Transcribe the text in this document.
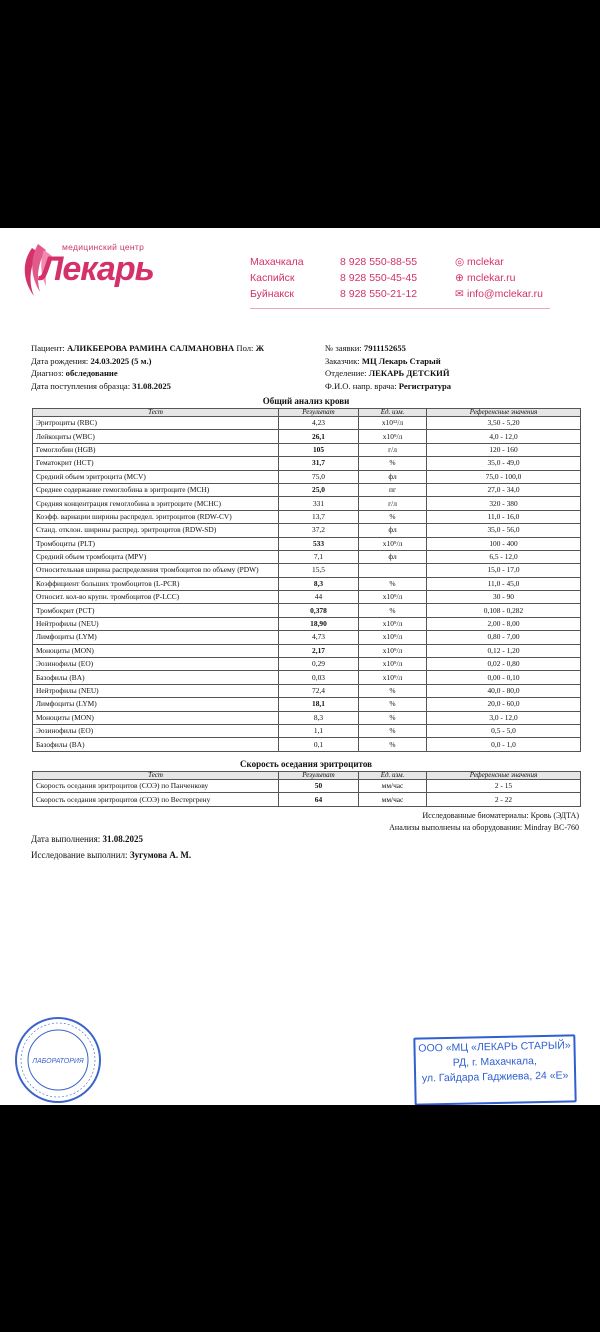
медицинский центр
Лекарь	Махачкала	8 928 550-88-55	◎ mclekar
Каспийск	8 928 550-45-45	⊕ mclekar.ru
Буйнакск	8 928 550-21-12	✉ info@mclekar.ru
Пациент: АЛИКБЕРОВА РАМИНА САЛМАНОВНА Пол: Ж
Дата рождения: 24.03.2025 (5 м.)
Диагноз: обследование
Дата поступления образца: 31.08.2025
№ заявки: 7911152655
Заказчик: МЦ Лекарь Старый
Отделение: ЛЕКАРЬ ДЕТСКИЙ
Ф.И.О. напр. врача: Регистратура
Общий анализ крови
Тест	Результат	Ед. изм.	Референсные значения
Эритроциты (RBC)	4,23	x10¹²/л	3,50 - 5,20
Лейкоциты (WBC)	26,1	x10⁹/л	4,0 - 12,0
Гемоглобин (HGB)	105	г/л	120 - 160
Гематокрит (HCT)	31,7	%	35,0 - 49,0
Средний объем эритроцита (MCV)	75,0	фл	75,0 - 100,0
Среднее содержание гемоглобина в эритроците (MCH)	25,0	пг	27,0 - 34,0
Средняя концентрация гемоглобина в эритроците (MCHC)	331	г/л	320 - 380
Коэфф. вариации ширины распредел. эритроцитов (RDW-CV)	13,7	%	11,0 - 16,0
Станд. отклон. ширины распред. эритроцитов (RDW-SD)	37,2	фл	35,0 - 56,0
Тромбоциты (PLT)	533	x10⁹/л	100 - 400
Средний объем тромбоцита (MPV)	7,1	фл	6,5 - 12,0
Относительная ширина распределения тромбоцитов по объему (PDW)	15,5		15,0 - 17,0
Коэффициент больших тромбоцитов (L-PCR)	8,3	%	11,0 - 45,0
Относит. кол-во крупн. тромбоцитов (P-LCC)	44	x10⁹/л	30 - 90
Тромбокрит (PCT)	0,378	%	0,108 - 0,282
Нейтрофилы (NEU)	18,90	x10⁹/л	2,00 - 8,00
Лимфоциты (LYM)	4,73	x10⁹/л	0,80 - 7,00
Моноциты (MON)	2,17	x10⁹/л	0,12 - 1,20
Эозинофилы (EO)	0,29	x10⁹/л	0,02 - 0,80
Базофилы (BA)	0,03	x10⁹/л	0,00 - 0,10
Нейтрофилы (NEU)	72,4	%	40,0 - 80,0
Лимфоциты (LYM)	18,1	%	20,0 - 60,0
Моноциты (MON)	8,3	%	3,0 - 12,0
Эозинофилы (EO)	1,1	%	0,5 - 5,0
Базофилы (BA)	0,1	%	0,0 - 1,0
Скорость оседания эритроцитов
Тест	Результат	Ед. изм.	Референсные значения
Скорость оседания эритроцитов (СОЭ) по Панченкову	50	мм/час	2 - 15
Скорость оседания эритроцитов (СОЭ) по Вестергрену	64	мм/час	2 - 22
Исследованные биоматериалы: Кровь (ЭДТА)
Анализы выполнены на оборудовании: Mindray BC-760
Дата выполнения: 31.08.2025
Исследование выполнил: Зугумова А. М.
ЛАБОРАТОРИЯ
ООО «МЦ «ЛЕКАРЬ СТАРЫЙ»
РД, г. Махачкала,
ул. Гайдара Гаджиева, 24 «Е»
